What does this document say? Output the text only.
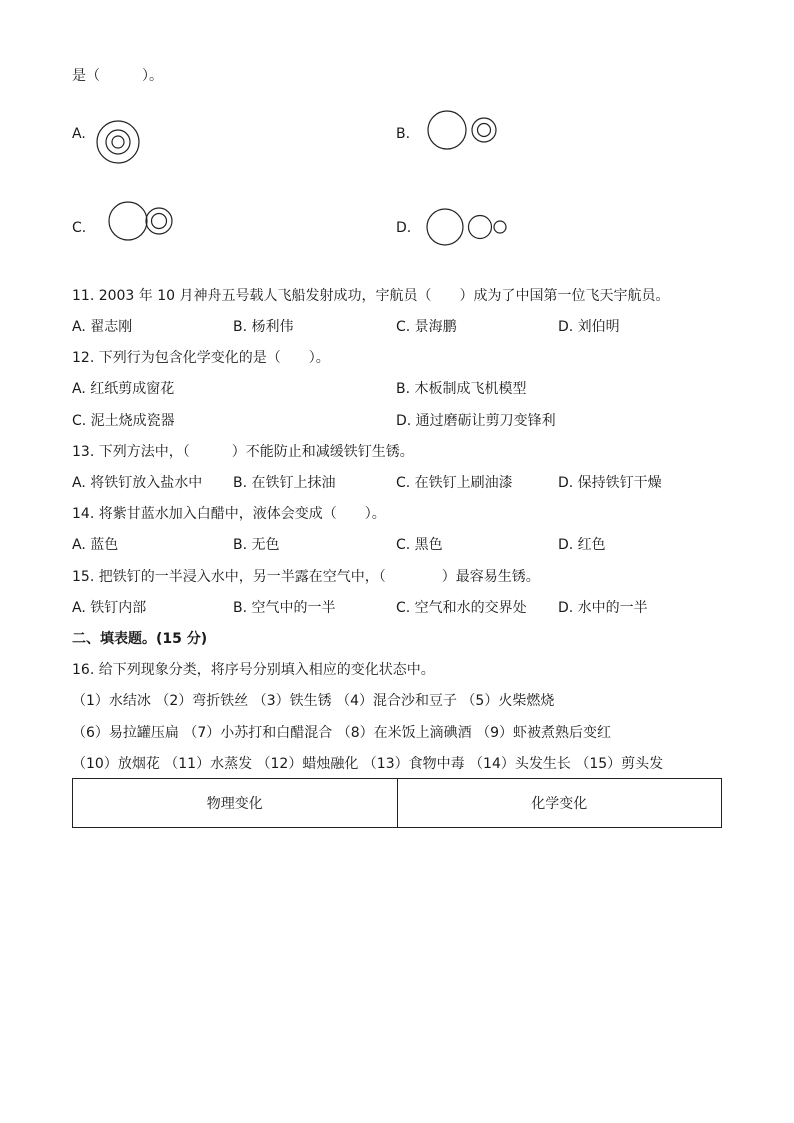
是（　　　）。
A.	B.
C.	D.
11. 2003 年 10 月神舟五号载人飞船发射成功，宇航员（　　）成为了中国第一位飞天宇航员。
A. 翟志刚	B. 杨利伟	C. 景海鹏	D. 刘伯明
12. 下列行为包含化学变化的是（　　）。
A. 红纸剪成窗花	B. 木板制成飞机模型
C. 泥土烧成瓷器	D. 通过磨砺让剪刀变锋利
13. 下列方法中，（　　　）不能防止和减缓铁钉生锈。
A. 将铁钉放入盐水中 B. 在铁钉上抹油	C. 在铁钉上刷油漆	D. 保持铁钉干燥
14. 将紫甘蓝水加入白醋中，液体会变成（　　）。
A. 蓝色	B. 无色	C. 黑色	D. 红色
15. 把铁钉的一半浸入水中，另一半露在空气中，（　　　　）最容易生锈。
A. 铁钉内部	B. 空气中的一半	C. 空气和水的交界处 D. 水中的一半
二、填表题。(15 分)
16. 给下列现象分类，将序号分别填入相应的变化状态中。
（1）水结冰 （2）弯折铁丝 （3）铁生锈 （4）混合沙和豆子 （5）火柴燃烧
（6）易拉罐压扁 （7）小苏打和白醋混合 （8）在米饭上滴碘酒 （9）虾被煮熟后变红
（10）放烟花 （11）水蒸发 （12）蜡烛融化 （13）食物中毒 （14）头发生长 （15）剪头发
物理变化	化学变化
